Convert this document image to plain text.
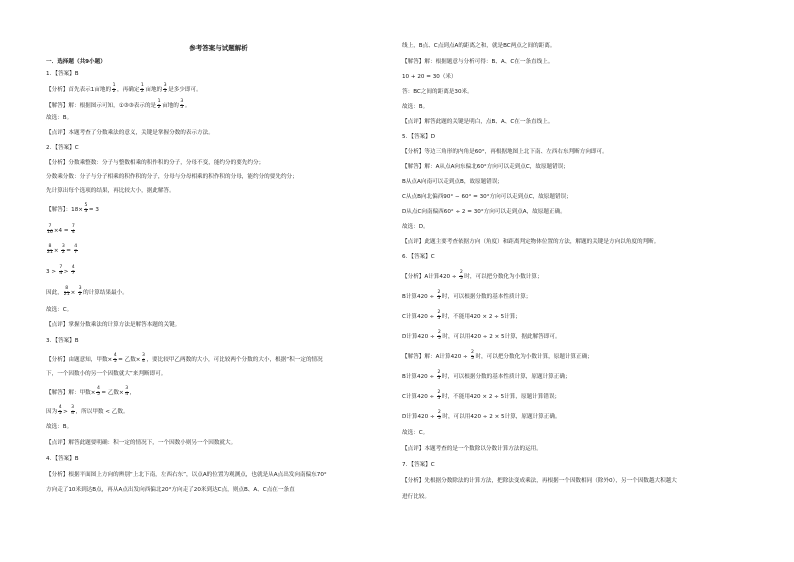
参考答案与试题解析
一．选择题（共9小题）
1．【答案】B
【分析】首先表示1亩地的 $\frac{1}{2}$ ，再确定 $\frac{1}{2}$ 亩地的 $\frac{3}{5}$ 是多少即可。
【解答】解：根据图示可知，①③③表示的是 $\frac{1}{2}$ 亩地的 $\frac{3}{5}$ 。
故选：B。
【点评】本题考查了分数乘法的意义，关键是掌握分数的表示方法。
2．【答案】C
【分析】分数乘整数：分子与整数相乘的积作积的分子，分母不变，能约分的要先约分；
分数乘分数：分子与分子相乘的积作积的分子，分母与分母相乘的积作积的分母，能约分的要先约分；
先计算出每个选项的结果，再比较大小，据此解答。
【解答】：$18\times \frac{5}{3} = 3$
$\frac{7}{16} \times 4 = \frac{7}{4}$
$\frac{8}{21} \times \frac{3}{2} = \frac{4}{7}$
$3 > \frac{7}{4} > \frac{4}{7}$
因此， $\frac{8}{21} \times \frac{3}{2}$ 的计算结果最小。
故选：C。
【点评】掌握分数乘法的计算方法是解答本题的关键。
3．【答案】B
【分析】由题意知，甲数× $\frac{4}{5}$ = 乙数× $\frac{3}{4}$ ，要比较甲乙两数的大小，可比较两个分数的大小，根据“积一定的情况
下，一个因数小的另一个因数就大”来判断即可。
【解答】解：甲数× $\frac{4}{5}$ = 乙数× $\frac{3}{4}$ ，
因为 $\frac{4}{5} > \frac{3}{4}$ ，所以甲数 < 乙数。
故选：B。
【点评】解答此题要明确：积一定的情况下，一个因数小则另一个因数就大。
4．【答案】B
【分析】根据平面图上方向的辨别“上北下南，左西右东”，以点A的位置为观测点，也就是从A点出发向南偏东70°
方向走了10米到达B点，再从A点出发向西偏北20°方向走了20米到达C点，则点B、A、C点在一条直
线上，B点、C点到点A的距离之和，就是BC两点之间的距离。
【解答】解：根据题意与分析可得：B、A、C在一条直线上。
10 + 20 = 30（米）
答：BC之间的距离是30米。
故选：B。
【点评】解答此题的关键是明白，点B、A、C在一条直线上。
5．【答案】D
【分析】等边三角形的内角是60°，再根据地图上北下南、左西右东判断方向即可。
【解答】解：A从点A向东偏北60°方向可以走到点C，故原题错误；
B从点A向南可以走到点B，故原题错误；
C从点B向北偏西90° − 60° = 30°方向可以走到点C，故原题错误；
D从点C向南偏西60° ÷ 2 = 30°方向可以走到点A，故原题正确。
故选：D。
【点评】此题主要考查依据方向（角度）和距离判定物体位置的方法，解题的关键是方向以角度的判断。
6．【答案】C
【分析】A计算$420 \div \frac{2}{5}$ 时，可以把分数化为小数计算；
B计算$420 \div \frac{2}{5}$ 时，可以根据分数的基本性质计算；
C计算$420 \div \frac{2}{5}$ 时，不能用420 × 2 ÷ 5计算；
D计算$420 \div \frac{2}{5}$ 时，可以用420 ÷ 2 × 5计算，据此解答即可。
【解答】解：A计算$420 \div \frac{2}{5}$ 时，可以把分数化为小数计算，原题计算正确；
B计算$420 \div \frac{2}{5}$ 时，可以根据分数的基本性质计算，原题计算正确；
C计算$420 \div \frac{2}{5}$ 时，不能用420 × 2 ÷ 5计算，原题计算错误；
D计算$420 \div \frac{2}{5}$ 时，可以用420 ÷ 2 × 5计算，原题计算正确。
故选：C。
【点评】本题考查的是一个数除以分数计算方法的运用。
7．【答案】C
【分析】先根据分数除法的计算方法，把除法变成乘法，再根据一个因数相同（除外0），另一个因数越大积越大
进行比较。
